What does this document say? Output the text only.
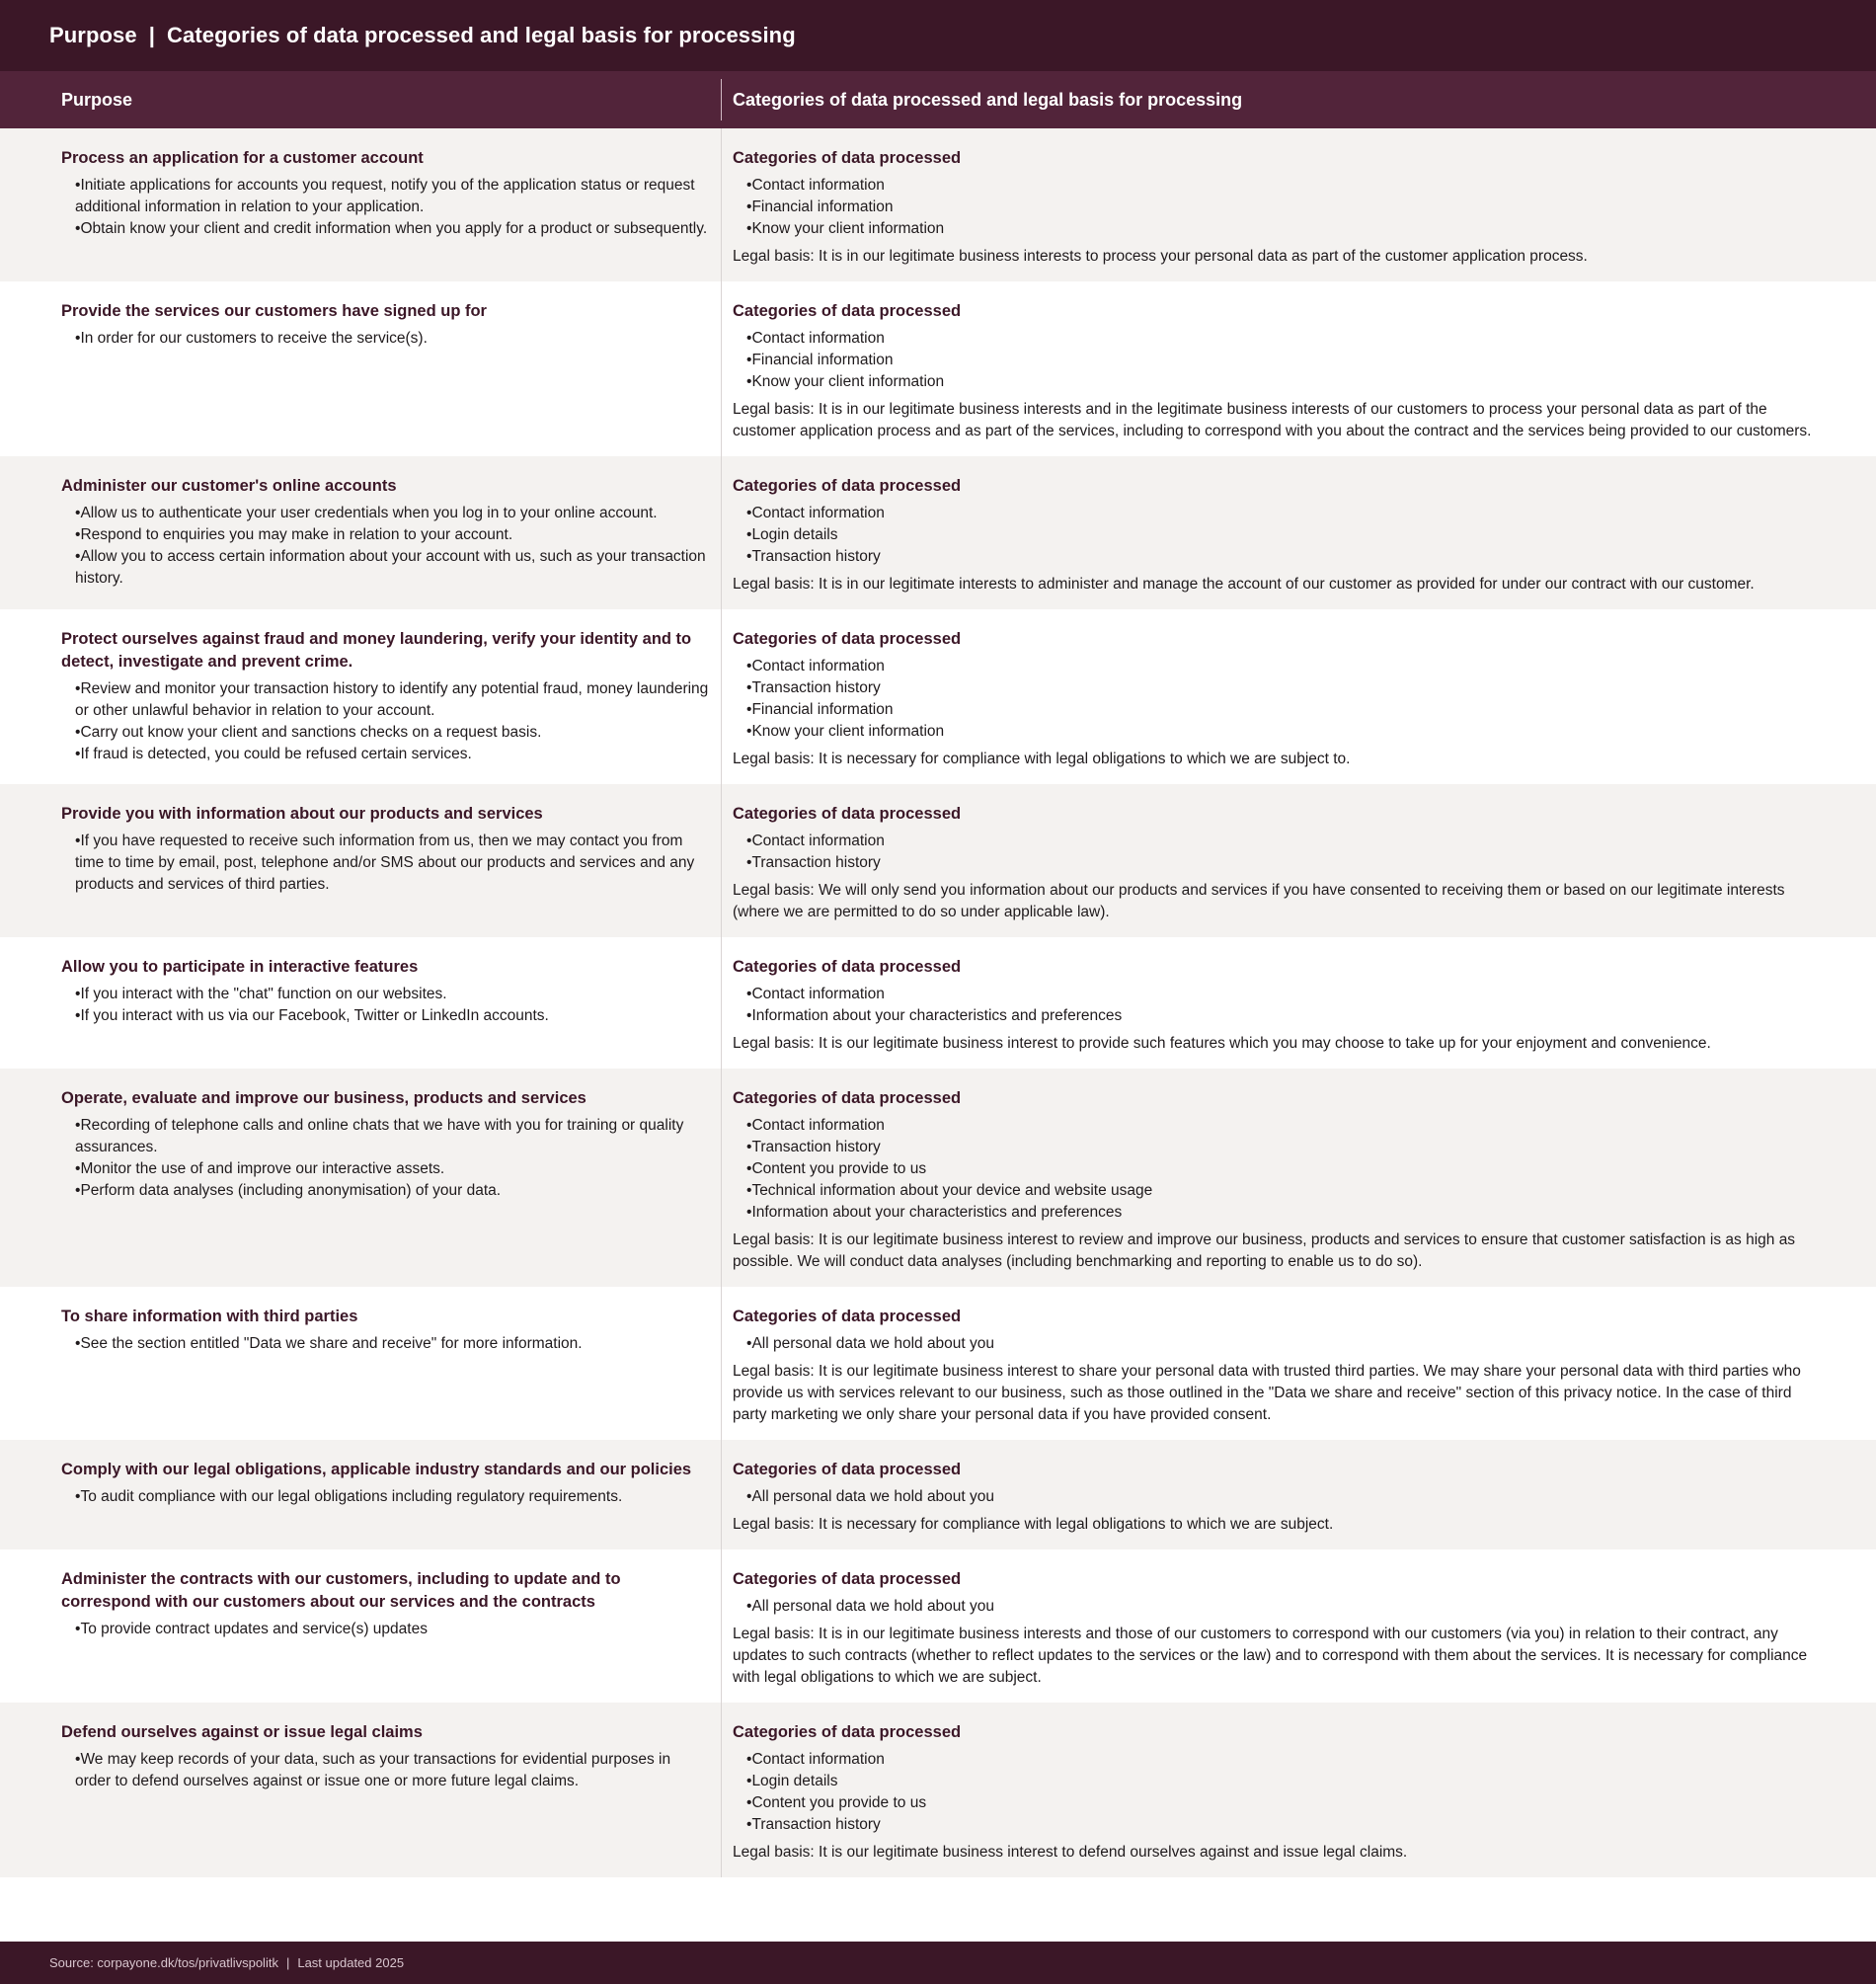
Purpose | Categories of data processed and legal basis for processing
Purpose	Categories of data processed and legal basis for processing
Process an application for a customer account
• Initiate applications for accounts you request, notify you of the application status or request additional information in relation to your application.
• Obtain know your client and credit information when you apply for a product or subsequently.
Categories of data processed
• Contact information
• Financial information
• Know your client information
Legal basis: It is in our legitimate business interests to process your personal data as part of the customer application process.
Provide the services our customers have signed up for
• In order for our customers to receive the service(s).
Categories of data processed
• Contact information
• Financial information
• Know your client information
Legal basis: It is in our legitimate business interests and in the legitimate business interests of our customers to process your personal data as part of the customer application process and as part of the services, including to correspond with you about the contract and the services being provided to our customers.
Administer our customer's online accounts
• Allow us to authenticate your user credentials when you log in to your online account.
• Respond to enquiries you may make in relation to your account.
• Allow you to access certain information about your account with us, such as your transaction history.
Categories of data processed
• Contact information
• Login details
• Transaction history
Legal basis: It is in our legitimate interests to administer and manage the account of our customer as provided for under our contract with our customer.
Protect ourselves against fraud and money laundering, verify your identity and to detect, investigate and prevent crime.
• Review and monitor your transaction history to identify any potential fraud, money laundering or other unlawful behavior in relation to your account.
• Carry out know your client and sanctions checks on a request basis.
• If fraud is detected, you could be refused certain services.
Categories of data processed
• Contact information
• Transaction history
• Financial information
• Know your client information
Legal basis: It is necessary for compliance with legal obligations to which we are subject to.
Provide you with information about our products and services
• If you have requested to receive such information from us, then we may contact you from time to time by email, post, telephone and/or SMS about our products and services and any products and services of third parties.
Categories of data processed
• Contact information
• Transaction history
Legal basis: We will only send you information about our products and services if you have consented to receiving them or based on our legitimate interests (where we are permitted to do so under applicable law).
Allow you to participate in interactive features
• If you interact with the "chat" function on our websites.
• If you interact with us via our Facebook, Twitter or LinkedIn accounts.
Categories of data processed
• Contact information
• Information about your characteristics and preferences
Legal basis: It is our legitimate business interest to provide such features which you may choose to take up for your enjoyment and convenience.
Operate, evaluate and improve our business, products and services
• Recording of telephone calls and online chats that we have with you for training or quality assurances.
• Monitor the use of and improve our interactive assets.
• Perform data analyses (including anonymisation) of your data.
Categories of data processed
• Contact information
• Transaction history
• Content you provide to us
• Technical information about your device and website usage
• Information about your characteristics and preferences
Legal basis: It is our legitimate business interest to review and improve our business, products and services to ensure that customer satisfaction is as high as possible. We will conduct data analyses (including benchmarking and reporting to enable us to do so).
To share information with third parties
• See the section entitled "Data we share and receive" for more information.
Categories of data processed
• All personal data we hold about you
Legal basis: It is our legitimate business interest to share your personal data with trusted third parties. We may share your personal data with third parties who provide us with services relevant to our business, such as those outlined in the "Data we share and receive" section of this privacy notice. In the case of third party marketing we only share your personal data if you have provided consent.
Comply with our legal obligations, applicable industry standards and our policies
• To audit compliance with our legal obligations including regulatory requirements.
Categories of data processed
• All personal data we hold about you
Legal basis: It is necessary for compliance with legal obligations to which we are subject.
Administer the contracts with our customers, including to update and to correspond with our customers about our services and the contracts
• To provide contract updates and service(s) updates
Categories of data processed
• All personal data we hold about you
Legal basis: It is in our legitimate business interests and those of our customers to correspond with our customers (via you) in relation to their contract, any updates to such contracts (whether to reflect updates to the services or the law) and to correspond with them about the services. It is necessary for compliance with legal obligations to which we are subject.
Defend ourselves against or issue legal claims
• We may keep records of your data, such as your transactions for evidential purposes in order to defend ourselves against or issue one or more future legal claims.
Categories of data processed
• Contact information
• Login details
• Content you provide to us
• Transaction history
Legal basis: It is our legitimate business interest to defend ourselves against and issue legal claims.
Source: corpayone.dk/tos/privatlivspolitk | Last updated 2025
